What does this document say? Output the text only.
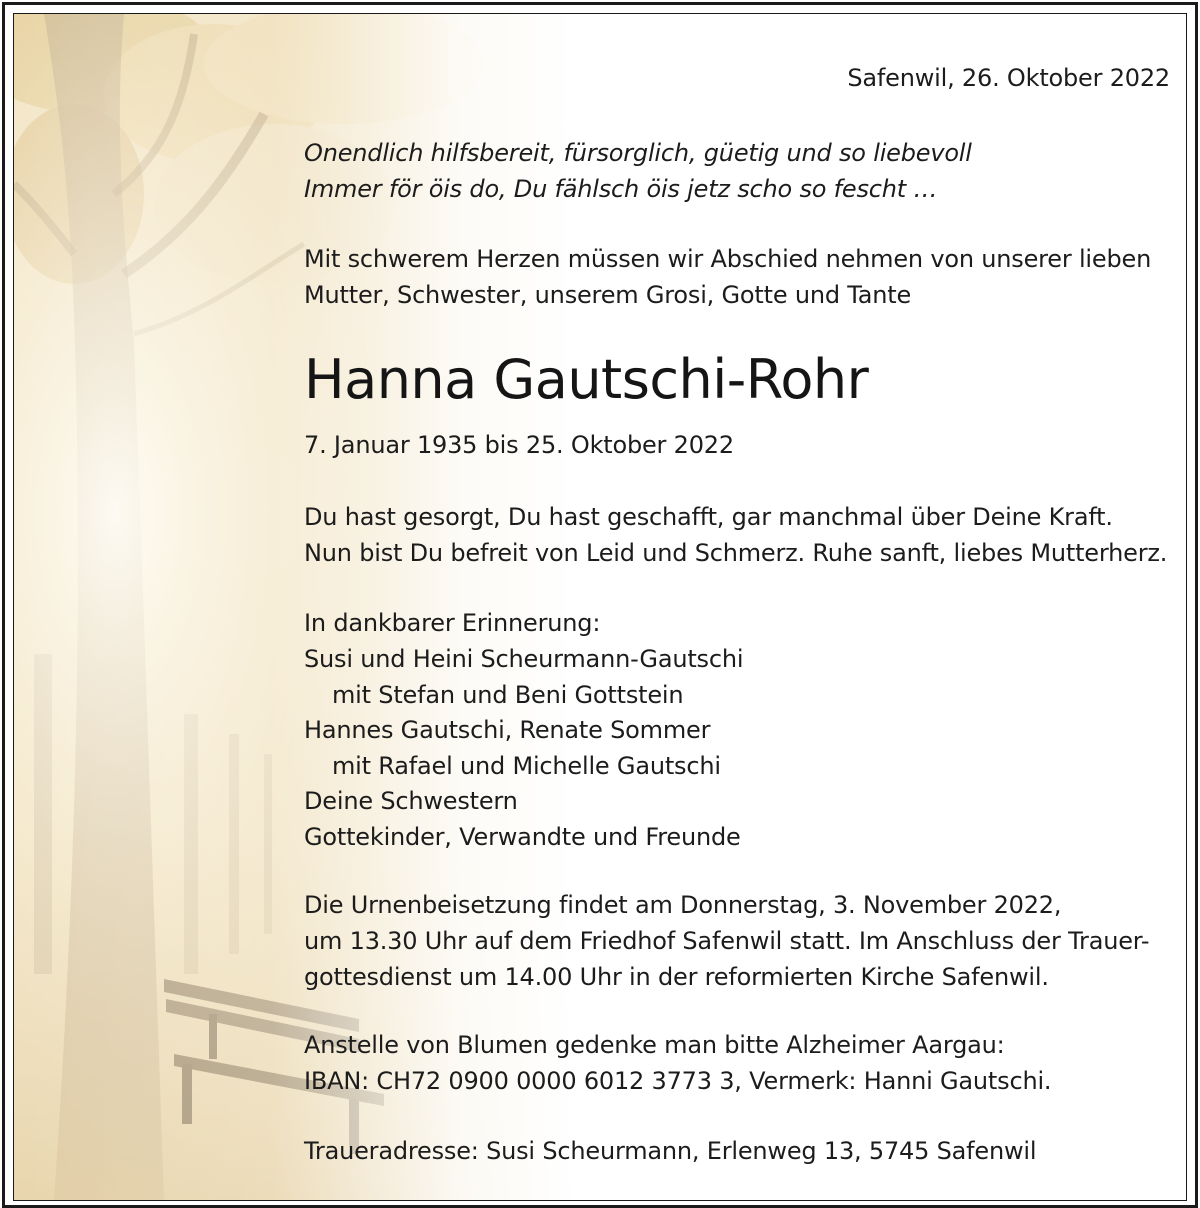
Safenwil, 26. Oktober 2022
Onendlich hilfsbereit, fürsorglich, güetig und so liebevoll
Immer för öis do, Du fählsch öis jetz scho so fescht …
Mit schwerem Herzen müssen wir Abschied nehmen von unserer lieben
Mutter, Schwester, unserem Grosi, Gotte und Tante
Hanna Gautschi-Rohr
7. Januar 1935 bis 25. Oktober 2022
Du hast gesorgt, Du hast geschafft, gar manchmal über Deine Kraft.
Nun bist Du befreit von Leid und Schmerz. Ruhe sanft, liebes Mutterherz.
In dankbarer Erinnerung:
Susi und Heini Scheurmann-Gautschi
mit Stefan und Beni Gottstein
Hannes Gautschi, Renate Sommer
mit Rafael und Michelle Gautschi
Deine Schwestern
Gottekinder, Verwandte und Freunde
Die Urnenbeisetzung findet am Donnerstag, 3. November 2022,
um 13.30 Uhr auf dem Friedhof Safenwil statt. Im Anschluss der Trauer-
gottesdienst um 14.00 Uhr in der reformierten Kirche Safenwil.
Anstelle von Blumen gedenke man bitte Alzheimer Aargau:
IBAN: CH72 0900 0000 6012 3773 3, Vermerk: Hanni Gautschi.
Traueradresse: Susi Scheurmann, Erlenweg 13, 5745 Safenwil
